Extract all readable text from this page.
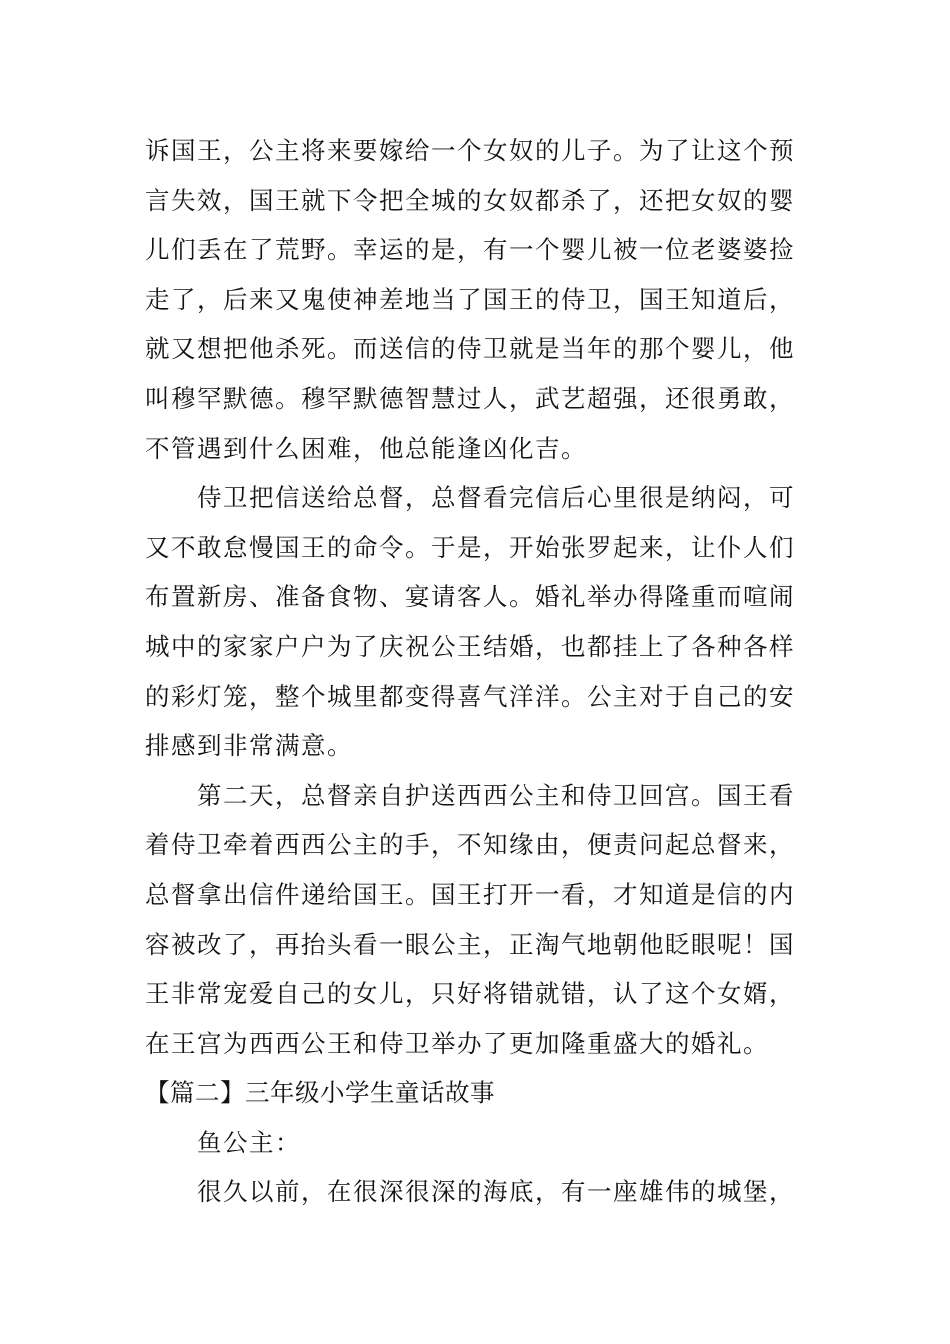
诉国王，公主将来要嫁给一个女奴的儿子。为了让这个预
言失效，国王就下令把全城的女奴都杀了，还把女奴的婴
儿们丢在了荒野。幸运的是，有一个婴儿被一位老婆婆捡
走了，后来又鬼使神差地当了国王的侍卫，国王知道后，
就又想把他杀死。而送信的侍卫就是当年的那个婴儿，他
叫穆罕默德。穆罕默德智慧过人，武艺超强，还很勇敢，
不管遇到什么困难，他总能逢凶化吉。
侍卫把信送给总督，总督看完信后心里很是纳闷，可
又不敢怠慢国王的命令。于是，开始张罗起来，让仆人们
布置新房、准备食物、宴请客人。婚礼举办得隆重而喧闹
城中的家家户户为了庆祝公王结婚，也都挂上了各种各样
的彩灯笼，整个城里都变得喜气洋洋。公主对于自己的安
排感到非常满意。
第二天，总督亲自护送西西公主和侍卫回宫。国王看
着侍卫牵着西西公主的手，不知缘由，便责问起总督来，
总督拿出信件递给国王。国王打开一看，才知道是信的内
容被改了，再抬头看一眼公主，正淘气地朝他眨眼呢！国
王非常宠爱自己的女儿，只好将错就错，认了这个女婿，
在王宫为西西公王和侍卫举办了更加隆重盛大的婚礼。
【篇二】三年级小学生童话故事
鱼公主：
很久以前，在很深很深的海底，有一座雄伟的城堡，
